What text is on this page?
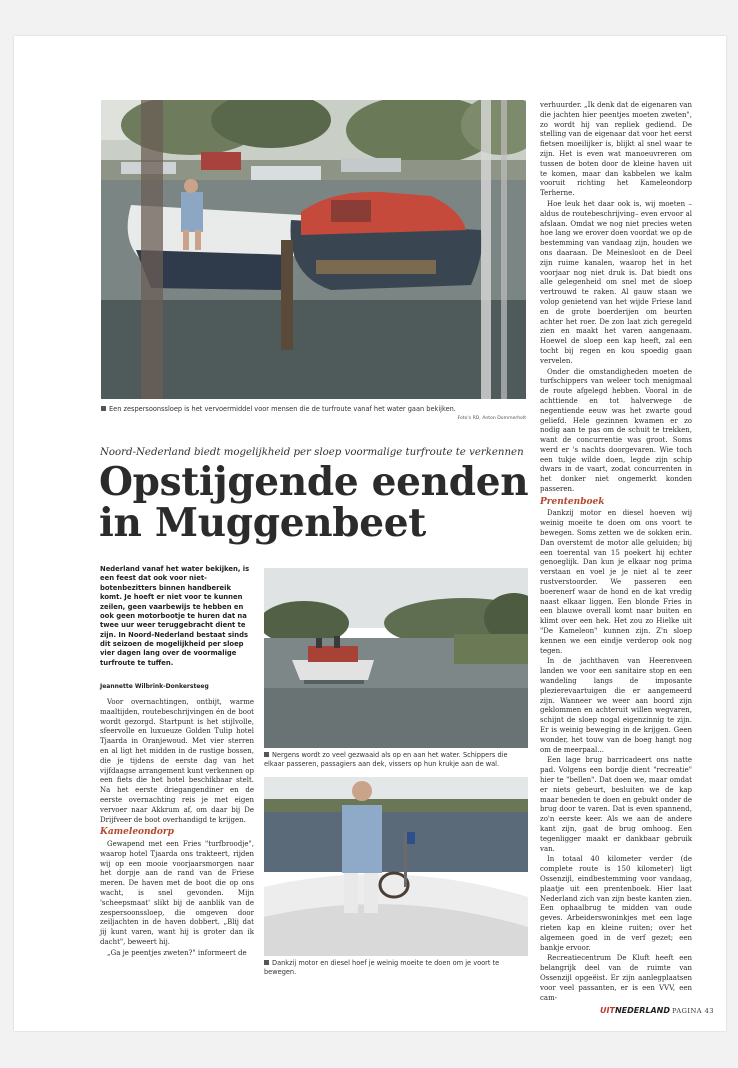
Een zespersoonssloep is het vervoermiddel voor mensen die de turfroute vanaf het water gaan bekijken.
Foto's RD, Anton Dommerholt
Noord-Nederland biedt mogelijkheid per sloep voormalige turfroute te verkennen
Opstijgende eenden in Muggenbeet
Nederland vanaf het water bekijken, is een feest dat ook voor niet-botenbezitters binnen handbereik komt. Je hoeft er niet voor te kunnen zeilen, geen vaarbewijs te hebben en ook geen motorbootje te huren dat na twee uur weer teruggebracht dient te zijn. In Noord-Nederland bestaat sinds dit seizoen de mogelijkheid per sloep vier dagen lang over de voormalige turfroute te tuffen.
Jeannette Wilbrink-Donkersteeg

Voor overnachtingen, ontbijt, warme maaltijden, routebeschrijvingen én de boot wordt gezorgd. Startpunt is het stijlvolle, sfeervolle en luxueuze Golden Tulip hotel Tjaarda in Oranjewoud. Met vier sterren en al ligt het midden in de rustige bossen, die je tijdens de eerste dag van het vijfdaagse arrangement kunt verkennen op een fiets die het hotel beschikbaar stelt. Na het eerste driegangendiner en de eerste overnachting reis je met eigen vervoer naar Akkrum af, om daar bij De Drijfveer de boot overhandigd te krijgen.

Kameleondorp

Gewapend met een Fries "turfbroodje", waarop hotel Tjaarda ons trakteert, rijden wij op een mooie voorjaarsmorgen naar het dorpje aan de rand van de Friese meren. De haven met de boot die op ons wacht, is snel gevonden. Mijn 'scheepsmaat' slikt bij de aanblik van de zespersoonssloep, die omgeven door zeiljachten in de haven dobbert. „Blij dat jij kunt varen, want hij is groter dan ik dacht", beweert hij.

„Ga je peentjes zweten?" informeert de

Nergens wordt zo veel gezwaaid als op en aan het water. Schippers die elkaar passeren, passagiers aan dek, vissers op hun krukje aan de wal.
Dankzij motor en diesel hoef je weinig moeite te doen om je voort te bewegen.

verhuurder. „Ik denk dat de eigenaren van die jachten hier peentjes moeten zweten", zo wordt hij van repliek gediend. De stelling van de eigenaar dat voor het eerst fietsen moeilijker is, blijkt al snel waar te zijn. Het is even wat manoeuvreren om tussen de boten door de kleine haven uit te komen, maar dan kabbelen we kalm vooruit richting het Kameleondorp Terherne.

Hoe leuk het daar ook is, wij moeten –aldus de routebeschrijving– even ervoor al afslaan. Omdat we nog niet precies weten hoe lang we erover doen voordat we op de bestemming van vandaag zijn, houden we ons daaraan. De Meinesloot en de Deel zijn ruime kanalen, waarop het in het voorjaar nog niet druk is. Dat biedt ons alle gelegenheid om snel met de sloep vertrouwd te raken. Al gauw staan we volop genietend van het wijde Friese land en de grote boerderijen om beurten achter het roer. De zon laat zich geregeld zien en maakt het varen aangenaam. Hoewel de sloep een kap heeft, zal een tocht bij regen en kou spoedig gaan vervelen.

Onder die omstandigheden moeten de turfschippers van weleer toch menigmaal de route afgelegd hebben. Vooral in de achttiende en tot halverwege de negentiende eeuw was het zwarte goud geliefd. Hele gezinnen kwamen er zo nodig aan te pas om de schuit te trekken, want de concurrentie was groot. Soms werd er 's nachts doorgevaren. Wie toch een tukje wilde doen, legde zijn schip dwars in de vaart, zodat concurrenten in het donker niet ongemerkt konden passeren.

Prentenboek

Dankzij motor en diesel hoeven wij weinig moeite te doen om ons voort te bewegen. Soms zetten we de sokken erin. Dan overstemt de motor alle geluiden; bij een toerental van 15 poekert hij echter genoeglijk. Dan kun je elkaar nog prima verstaan en voel je je niet al te zeer rustverstoorder. We passeren een boerenerf waar de hond en de kat vredig naast elkaar liggen. Een blonde Fries in een blauwe overall komt naar buiten en klimt over een hek. Het zou zo Hielke uit "De Kameleon" kunnen zijn. Z'n sloep kennen we een eindje verderop ook nog tegen.

In de jachthaven van Heerenveen landen we voor een sanitaire stop en een wandeling langs de imposante plezierevaartuigen die er aangemeerd zijn. Wanneer we weer aan boord zijn geklommen en achteruit willen wegvaren, schijnt de sloep nogal eigenzinnig te zijn. Er is weinig beweging in de krijgen. Geen wonder, het touw van de boeg hangt nog om de meerpaal...

Een lage brug barricadeert ons natte pad. Volgens een bordje dient "recreatie" hier te "bellen". Dat doen we, maar omdat er niets gebeurt, besluiten we de kap maar beneden te doen en gebukt onder de brug door te varen. Dat is even spannend, zo'n eerste keer. Als we aan de andere kant zijn, gaat de brug omhoog. Een tegenligger maakt er dankbaar gebruik van.

In totaal 40 kilometer verder (de complete route is 150 kilometer) ligt Ossenzijl, eindbestemming voor vandaag, plaatje uit een prentenboek. Hier laat Nederland zich van zijn beste kanten zien. Een ophaalbrug te midden van oude geves. Arbeiderswoninkjes met een lage rieten kap en kleine ruiten; over het algemeen goed in de verf gezet; een bankje ervoor.

Recreatiecentrum De Kluft heeft een belangrijk deel van de ruimte van Ossenzijl opgeëist. Er zijn aanlegplaatsen voor veel passanten, er is een VVV, een cam-

UITNEDERLAND PAGINA 43
